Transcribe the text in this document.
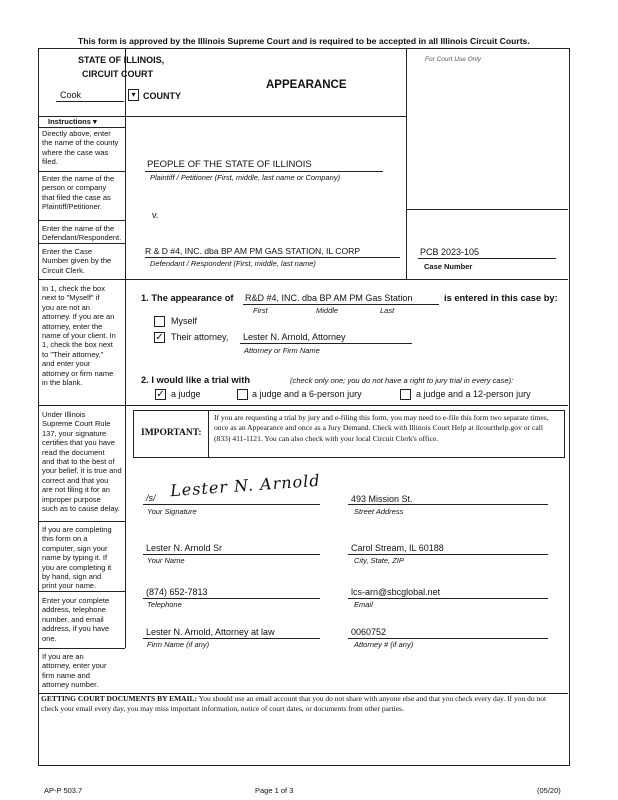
This form is approved by the Illinois Supreme Court and is required to be accepted in all Illinois Circuit Courts.
STATE OF ILLINOIS,
CIRCUIT COURT
Cook	▾ COUNTY
APPEARANCE
For Court Use Only
Instructions ▾
Directly above, enter
the name of the county
where the case was
filed.
Enter the name of the
person or company
that filed the case as
Plaintiff/Petitioner.
Enter the name of the
Defendant/Respondent.
Enter the Case
Number given by the
Circuit Clerk.
In 1, check the box
next to "Myself" if
you are not an
attorney. If you are an
attorney, enter the
name of your client. In
1, check the box next
to "Their attorney,"
and enter your
attorney or firm name
in the blank.
Under Illinois
Supreme Court Rule
137, your signature
certifies that you have
read the document
and that to the best of
your belief, it is true and
correct and that you
are not filing it for an
improper purpose
such as to cause delay.
If you are completing
this form on a
computer, sign your
name by typing it. If
you are completing it
by hand, sign and
print your name.
Enter your complete
address, telephone
number, and email
address, if you have
one.
If you are an
attorney, enter your
firm name and
attorney number.
PEOPLE OF THE STATE OF ILLINOIS
Plaintiff / Petitioner (First, middle, last name or Company)
v.
R & D #4, INC. dba BP AM PM GAS STATION, IL CORP
Defendant / Respondent (First, middle, last name)
PCB 2023-105
Case Number
1. The appearance of R&D #4, INC. dba BP AM PM Gas Station	is entered in this case by:
First	Middle	Last
Myself
✓ Their attorney, Lester N. Arnold, Attorney
Attorney or Firm Name
2. I would like a trial with	(check only one; you do not have a right to jury trial in every case):
✓ a judge	a judge and a 6-person jury	a judge and a 12-person jury
IMPORTANT:
If you are requesting a trial by jury and e-filing this form, you may need to e-file this form two separate times, once as an Appearance and once as a Jury Demand. Check with Illinois Court Help at ilcourthelp.gov or call (833) 411-1121. You can also check with your local Circuit Clerk's office.
/s/ Lester N. Arnold
Your Signature
493 Mission St.
Street Address
Lester N. Arnold Sr
Your Name
Carol Stream, IL 60188
City, State, ZIP
(874) 652-7813
Telephone
lcs-arn@sbcglobal.net
Email
Lester N. Arnold, Attorney at law
Firm Name (if any)
0060752
Attorney # (if any)
GETTING COURT DOCUMENTS BY EMAIL: You should use an email account that you do not share with anyone else and that you check every day. If you do not check your email every day, you may miss important information, notice of court dates, or documents from other parties.
AP-P 503.7	Page 1 of 3	(05/20)
